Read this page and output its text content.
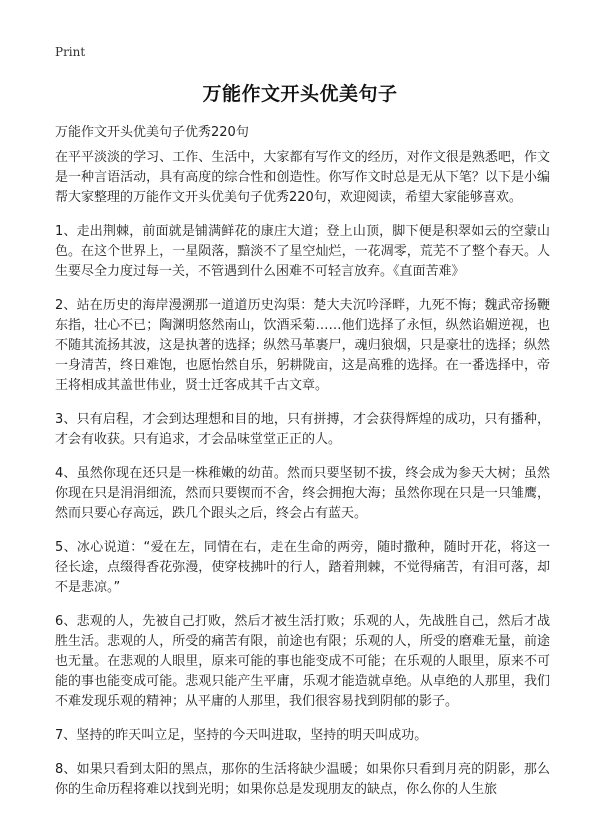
Print
万能作文开头优美句子
万能作文开头优美句子优秀220句

在平平淡淡的学习、工作、生活中，大家都有写作文的经历，对作文很是熟悉吧，作文是一种言语活动，具有高度的综合性和创造性。你写作文时总是无从下笔？以下是小编帮大家整理的万能作文开头优美句子优秀220句，欢迎阅读，希望大家能够喜欢。

1、走出荆棘，前面就是铺满鲜花的康庄大道；登上山顶，脚下便是积翠如云的空蒙山色。在这个世界上，一星陨落，黯淡不了星空灿烂，一花凋零，荒芜不了整个春天。人生要尽全力度过每一关，不管遇到什么困难不可轻言放弃。《直面苦难》

2、站在历史的海岸漫溯那一道道历史沟渠：楚大夫沉吟泽畔，九死不悔；魏武帝扬鞭东指，壮心不已；陶渊明悠然南山，饮酒采菊……他们选择了永恒，纵然谄媚逆视，也不随其流扬其波，这是执著的选择；纵然马革裹尸，魂归狼烟，只是豪壮的选择；纵然一身清苦，终日难饱，也愿怡然自乐，躬耕陇亩，这是高雅的选择。在一番选择中，帝王将相成其盖世伟业，贤士迁客成其千古文章。

3、只有启程，才会到达理想和目的地，只有拼搏，才会获得辉煌的成功，只有播种，才会有收获。只有追求，才会品味堂堂正正的人。

4、虽然你现在还只是一株稚嫩的幼苗。然而只要坚韧不拔，终会成为参天大树；虽然你现在只是涓涓细流，然而只要锲而不舍，终会拥抱大海；虽然你现在只是一只雏鹰，然而只要心存高远，跌几个跟头之后，终会占有蓝天。

5、冰心说道：“爱在左，同情在右，走在生命的两旁，随时撒种，随时开花，将这一径长途，点缀得香花弥漫，使穿枝拂叶的行人，踏着荆棘，不觉得痛苦，有泪可落，却不是悲凉。”

6、悲观的人，先被自己打败，然后才被生活打败；乐观的人，先战胜自己，然后才战胜生活。悲观的人，所受的痛苦有限，前途也有限；乐观的人，所受的磨难无量，前途也无量。在悲观的人眼里，原来可能的事也能变成不可能；在乐观的人眼里，原来不可能的事也能变成可能。悲观只能产生平庸，乐观才能造就卓绝。从卓绝的人那里，我们不难发现乐观的精神；从平庸的人那里，我们很容易找到阴郁的影子。

7、坚持的昨天叫立足，坚持的今天叫进取，坚持的明天叫成功。

8、如果只看到太阳的黑点，那你的生活将缺少温暖；如果你只看到月亮的阴影，那么你的生命历程将难以找到光明；如果你总是发现朋友的缺点，你么你的人生旅
